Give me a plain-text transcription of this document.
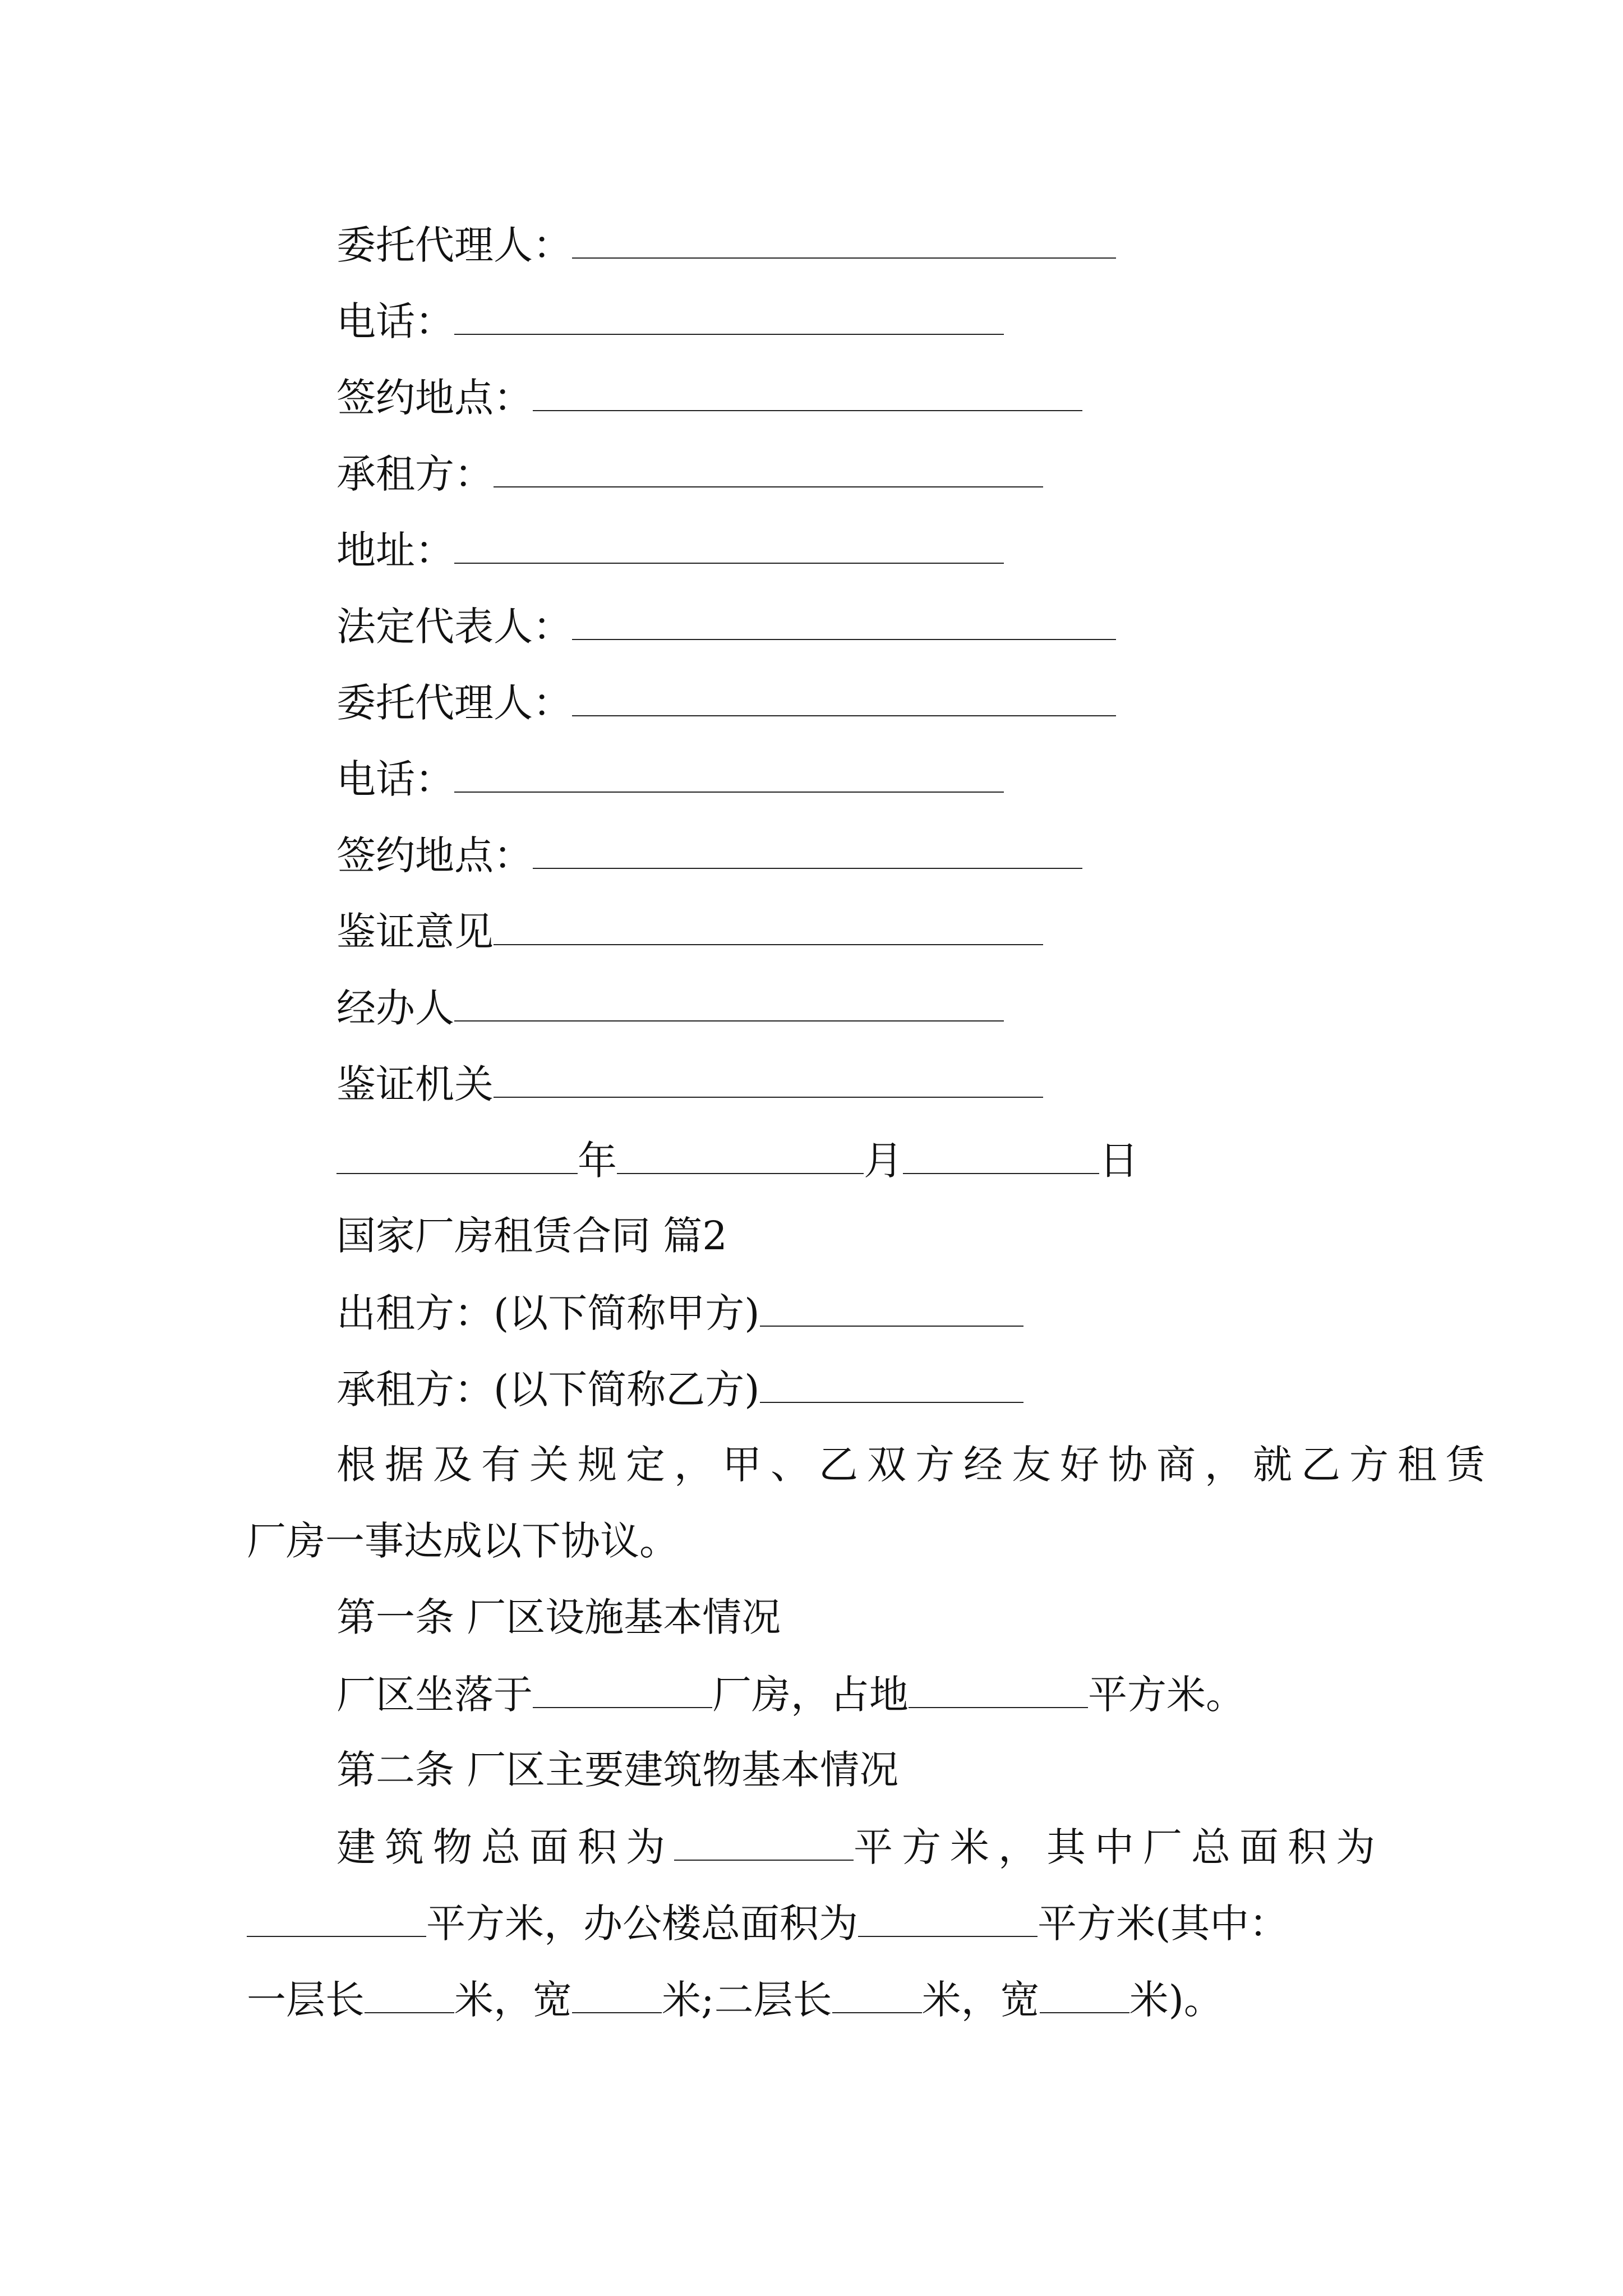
委托代理人：
电话：
签约地点：
承租方：
地址：
法定代表人：
委托代理人：
电话：
签约地点：
鉴证意见
经办人
鉴证机关
年	月	日
国家厂房租赁合同 篇2
出租方：(以下简称甲方)
承租方：(以下简称乙方)
根据及有关规定，甲、乙双方经友好协商，就乙方租赁
厂房一事达成以下协议。
第一条 厂区设施基本情况
厂区坐落于	厂房，占地	平方米。
第二条 厂区主要建筑物基本情况
建筑物总面积为	平方米，其中厂总面积为
平方米，办公楼总面积为	平方米(其中：
一层长 米，宽 米;二层长 米，宽 米)。
